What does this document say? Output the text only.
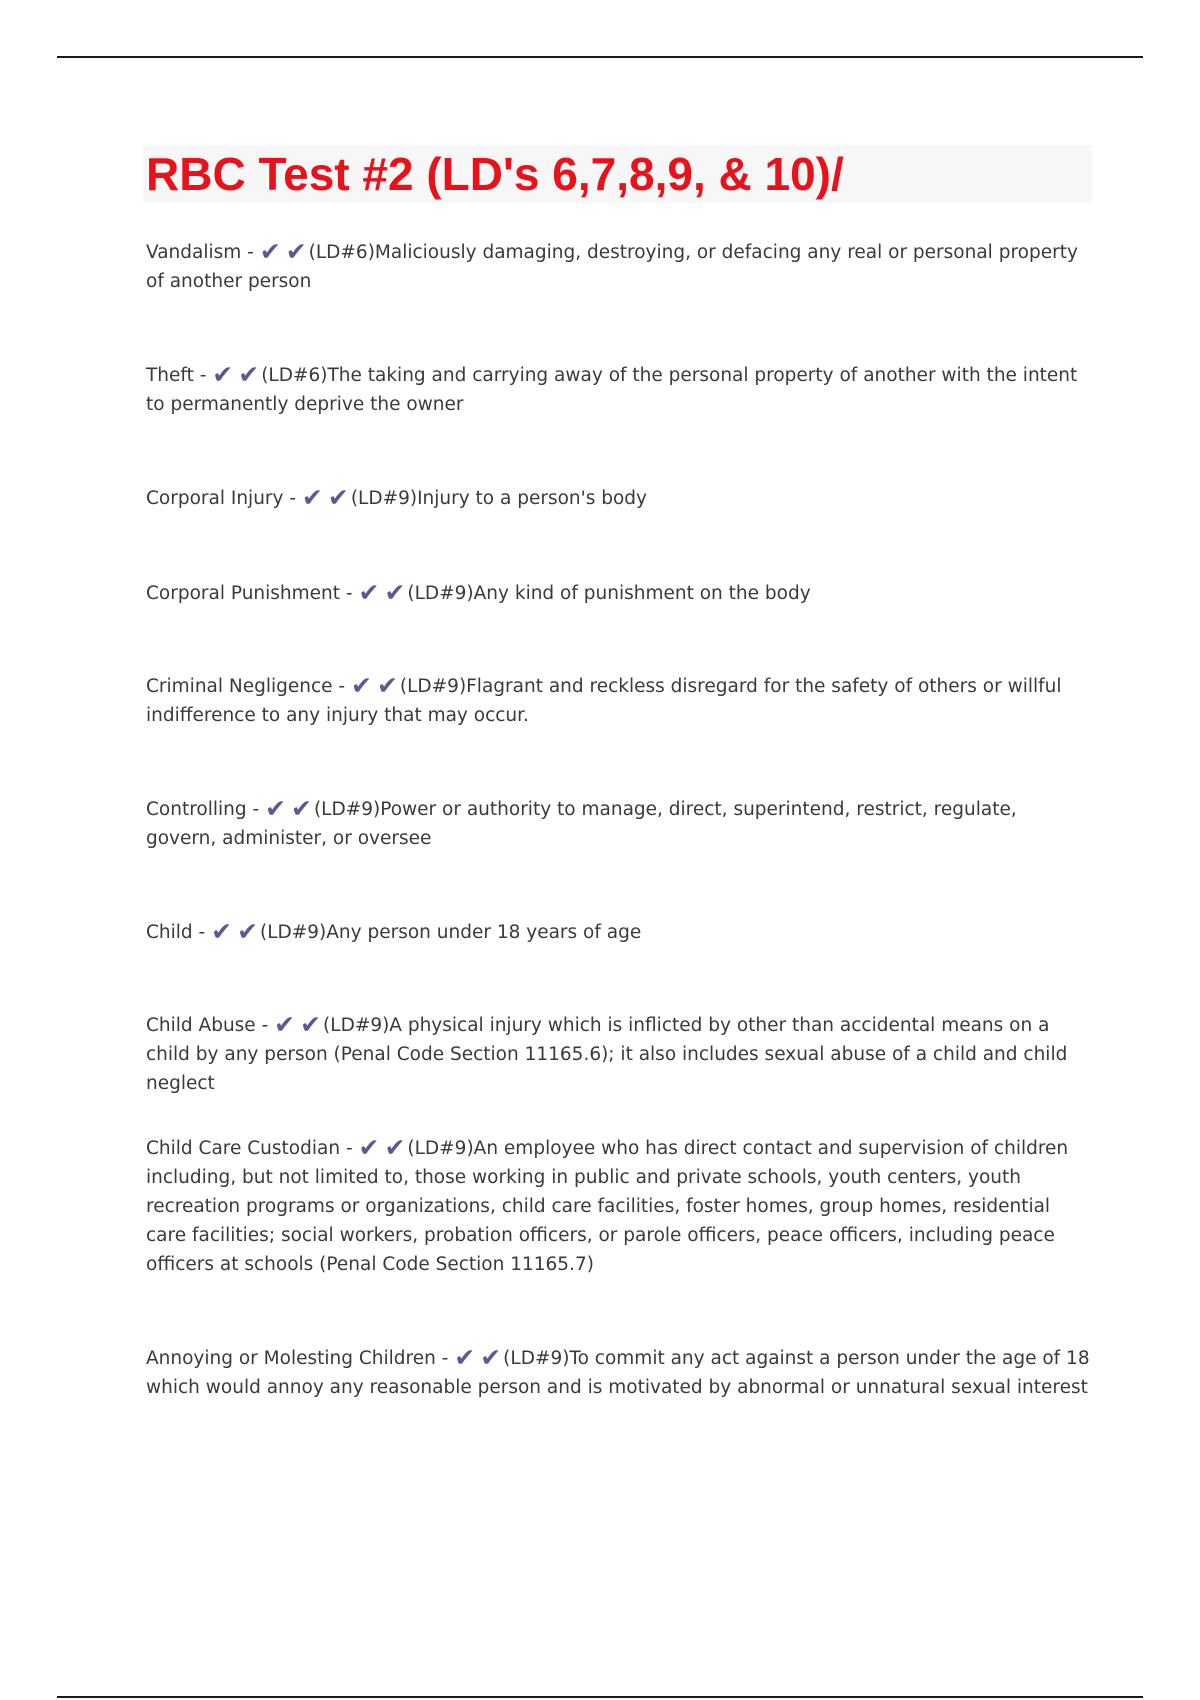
RBC Test #2 (LD's 6,7,8,9, & 10)/

Vandalism - ✔ ✔ (LD#6)Maliciously damaging, destroying, or defacing any real or personal property of another person

Theft - ✔ ✔ (LD#6)The taking and carrying away of the personal property of another with the intent to permanently deprive the owner

Corporal Injury - ✔ ✔ (LD#9)Injury to a person's body

Corporal Punishment - ✔ ✔ (LD#9)Any kind of punishment on the body

Criminal Negligence - ✔ ✔ (LD#9)Flagrant and reckless disregard for the safety of others or willful indifference to any injury that may occur.

Controlling - ✔ ✔ (LD#9)Power or authority to manage, direct, superintend, restrict, regulate, govern, administer, or oversee

Child - ✔ ✔ (LD#9)Any person under 18 years of age

Child Abuse - ✔ ✔ (LD#9)A physical injury which is inflicted by other than accidental means on a child by any person (Penal Code Section 11165.6); it also includes sexual abuse of a child and child neglect

Child Care Custodian - ✔ ✔ (LD#9)An employee who has direct contact and supervision of children including, but not limited to, those working in public and private schools, youth centers, youth recreation programs or organizations, child care facilities, foster homes, group homes, residential care facilities; social workers, probation officers, or parole officers, peace officers, including peace officers at schools (Penal Code Section 11165.7)

Annoying or Molesting Children - ✔ ✔ (LD#9)To commit any act against a person under the age of 18 which would annoy any reasonable person and is motivated by abnormal or unnatural sexual interest
